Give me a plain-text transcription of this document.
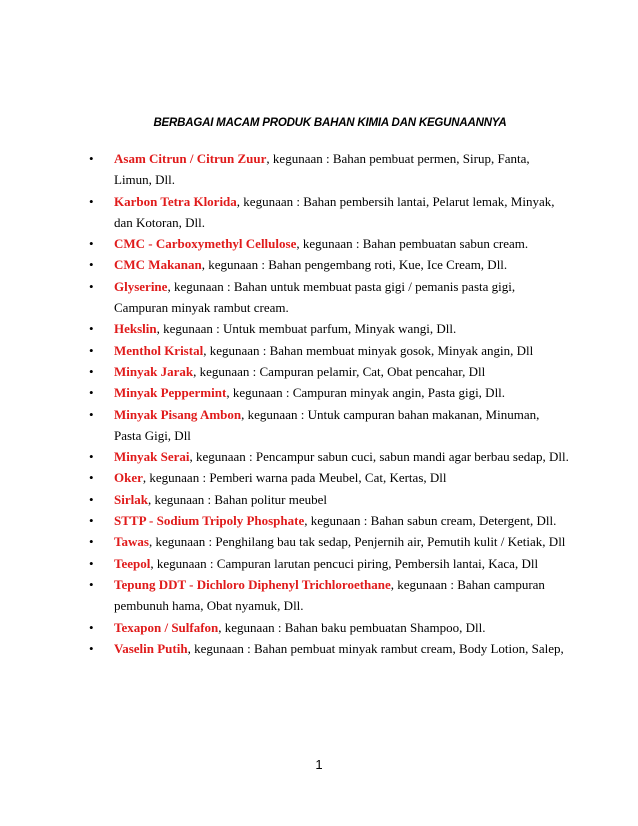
BERBAGAI MACAM PRODUK BAHAN KIMIA DAN KEGUNAANNYA
• Asam Citrun / Citrun Zuur, kegunaan : Bahan pembuat permen, Sirup, Fanta, Limun, Dll.
• Karbon Tetra Klorida, kegunaan : Bahan pembersih lantai, Pelarut lemak, Minyak, dan Kotoran, Dll.
• CMC - Carboxymethyl Cellulose, kegunaan : Bahan pembuatan sabun cream.
• CMC Makanan, kegunaan : Bahan pengembang roti, Kue, Ice Cream, Dll.
• Glyserine, kegunaan : Bahan untuk membuat pasta gigi / pemanis pasta gigi, Campuran minyak rambut cream.
• Hekslin, kegunaan : Untuk membuat parfum, Minyak wangi, Dll.
• Menthol Kristal, kegunaan : Bahan membuat minyak gosok, Minyak angin, Dll
• Minyak Jarak, kegunaan : Campuran pelamir, Cat, Obat pencahar, Dll
• Minyak Peppermint, kegunaan : Campuran minyak angin, Pasta gigi, Dll.
• Minyak Pisang Ambon, kegunaan : Untuk campuran bahan makanan, Minuman, Pasta Gigi, Dll
• Minyak Serai, kegunaan : Pencampur sabun cuci, sabun mandi agar berbau sedap, Dll.
• Oker, kegunaan : Pemberi warna pada Meubel, Cat, Kertas, Dll
• Sirlak, kegunaan : Bahan politur meubel
• STTP - Sodium Tripoly Phosphate, kegunaan : Bahan sabun cream, Detergent, Dll.
• Tawas, kegunaan : Penghilang bau tak sedap, Penjernih air, Pemutih kulit / Ketiak, Dll
• Teepol, kegunaan : Campuran larutan pencuci piring, Pembersih lantai, Kaca, Dll
• Tepung DDT - Dichloro Diphenyl Trichloroethane, kegunaan : Bahan campuran pembunuh hama, Obat nyamuk, Dll.
• Texapon / Sulfafon, kegunaan : Bahan baku pembuatan Shampoo, Dll.
• Vaselin Putih, kegunaan : Bahan pembuat minyak rambut cream, Body Lotion, Salep,
1
